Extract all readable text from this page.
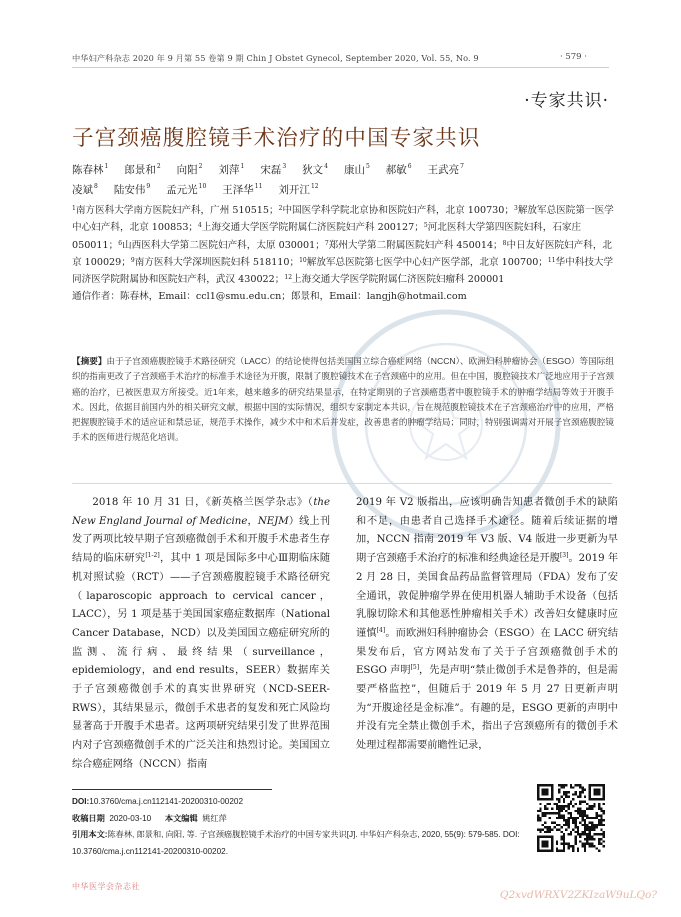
中华妇产科杂志 2020 年 9 月第 55 卷第 9 期 Chin J Obstet Gynecol, September 2020, Vol. 55, No. 9	· 579 ·
·专家共识·
子宫颈癌腹腔镜手术治疗的中国专家共识
陈春林$^1$ 郎景和$^2$ 向阳$^2$ 刘萍$^1$ 宋磊$^3$ 狄文$^4$ 康山$^5$ 郝敏$^6$ 王武亮$^7$
凌斌$^8$ 陆安伟$^9$ 孟元光$^{10}$ 王泽华$^{11}$ 刘开江$^{12}$
$^1$南方医科大学南方医院妇产科，广州 510515；$^2$中国医学科学院北京协和医院妇产科，北京 100730；$^3$解放军总医院第一医学中心妇产科，北京 100853；$^4$上海交通大学医学院附属仁济医院妇产科 200127；$^5$河北医科大学第四医院妇科，石家庄 050011；$^6$山西医科大学第二医院妇产科，太原 030001；$^7$郑州大学第二附属医院妇产科 450014；$^8$中日友好医院妇产科，北京 100029；$^9$南方医科大学深圳医院妇科 518110；$^{10}$解放军总医院第七医学中心妇产医学部，北京 100700；$^{11}$华中科技大学同济医学院附属协和医院妇产科，武汉 430022；$^{12}$上海交通大学医学院附属仁济医院妇瘤科 200001
通信作者：陈春林，Email：ccl1@smu.edu.cn；郎景和，Email：langjh@hotmail.com
【摘要】由于子宫颈癌腹腔镜手术路径研究（LACC）的结论使得包括美国国立综合癌症网络（NCCN）、欧洲妇科肿瘤协会（ESGO）等国际组织的指南更改了子宫颈癌手术治疗的标准手术途径为开腹，限制了腹腔镜技术在子宫颈癌中的应用。但在中国，腹腔镜技术广泛地应用于子宫颈癌的治疗，已被医患双方所接受。近1年来，越来越多的研究结果显示，在特定期别的子宫颈癌患者中腹腔镜手术的肿瘤学结局等效于开腹手术。因此，依据目前国内外的相关研究文献，根据中国的实际情况，组织专家制定本共识，旨在规范腹腔镜技术在子宫颈癌治疗中的应用，严格把握腹腔镜手术的适应证和禁忌证，规范手术操作，减少术中和术后并发症，改善患者的肿瘤学结局；同时，特别强调需对开展子宫颈癌腹腔镜手术的医师进行规范化培训。

2018 年 10 月 31 日，《新英格兰医学杂志》（the New England Journal of Medicine，NEJM）线上刊发了两项比较早期子宫颈癌微创手术和开腹手术患者生存结局的临床研究[1-2]，其中 1 项是国际多中心Ⅲ期临床随机对照试验（RCT）——子宫颈癌腹腔镜手术路径研究（laparoscopic approach to cervical cancer，LACC），另 1 项是基于美国国家癌症数据库（National Cancer Database，NCD）以及美国国立癌症研究所的监测、流行病、最终结果（surveillance，epidemiology，and end results，SEER）数据库关于子宫颈癌微创手术的真实世界研究（NCD-SEER-RWS），其结果显示，微创手术患者的复发和死亡风险均显著高于开腹手术患者。这两项研究结果引发了世界范围内对子宫颈癌微创手术的广泛关注和热烈讨论。美国国立综合癌症网络（NCCN）指南

2019 年 V2 版指出，应该明确告知患者微创手术的缺陷和不足，由患者自己选择手术途径。随着后续证据的增加，NCCN 指南 2019 年 V3 版、V4 版进一步更新为早期子宫颈癌手术治疗的标准和经典途径是开腹[3]。2019 年 2 月 28 日，美国食品药品监督管理局（FDA）发布了安全通讯，敦促肿瘤学界在使用机器人辅助手术设备（包括乳腺切除术和其他恶性肿瘤相关手术）改善妇女健康时应谨慎[4]。而欧洲妇科肿瘤协会（ESGO）在 LACC 研究结果发布后，官方网站发布了关于子宫颈癌微创手术的 ESGO 声明[5]，先是声明“禁止微创手术是鲁莽的，但是需要严格监控”，但随后于 2019 年 5 月 27 日更新声明为“开腹途径是金标准”。有趣的是，ESGO 更新的声明中并没有完全禁止微创手术，指出子宫颈癌所有的微创手术处理过程都需要前瞻性记录，

DOI:10.3760/cma.j.cn112141-20200310-00202
收稿日期 2020-03-10 本文编辑 姚红萍
引用本文:陈春林, 郎景和, 向阳, 等. 子宫颈癌腹腔镜手术治疗的中国专家共识[J]. 中华妇产科杂志, 2020, 55(9): 579-585. DOI: 10.3760/cma.j.cn112141-20200310-00202.
中华医学会杂志社
Q2xvdWRXV2ZKIzaW9uLQo?
